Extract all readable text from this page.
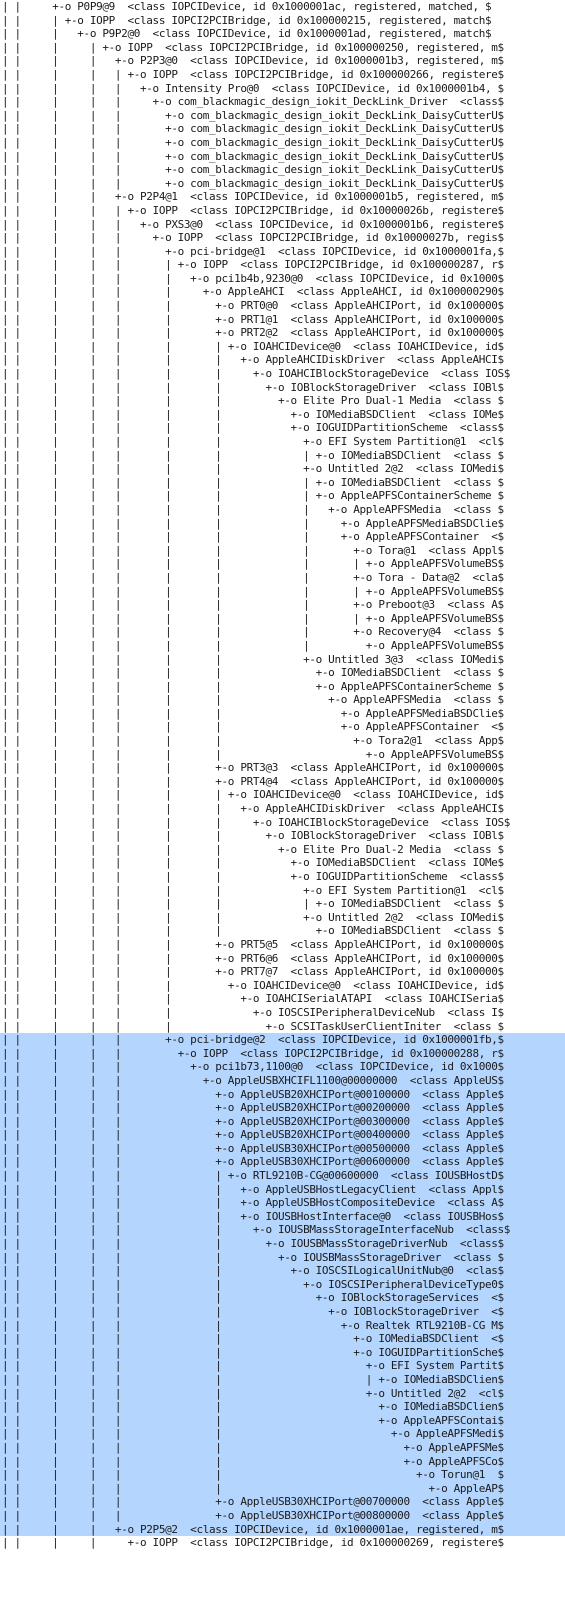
| |     +-o P0P9@9  <class IOPCIDevice, id 0x1000001ac, registered, matched, $
| |     | +-o IOPP  <class IOPCI2PCIBridge, id 0x100000215, registered, match$
| |     |   +-o P9P2@0  <class IOPCIDevice, id 0x1000001ad, registered, match$
| |     |     | +-o IOPP  <class IOPCI2PCIBridge, id 0x100000250, registered, m$
| |     |     |   +-o P2P3@0  <class IOPCIDevice, id 0x1000001b3, registered, m$
| |     |     |   | +-o IOPP  <class IOPCI2PCIBridge, id 0x100000266, registere$
| |     |     |   |   +-o Intensity Pro@0  <class IOPCIDevice, id 0x1000001b4, $
| |     |     |   |     +-o com_blackmagic_design_iokit_DeckLink_Driver  <class$
| |     |     |   |       +-o com_blackmagic_design_iokit_DeckLink_DaisyCutterU$
| |     |     |   |       +-o com_blackmagic_design_iokit_DeckLink_DaisyCutterU$
| |     |     |   |       +-o com_blackmagic_design_iokit_DeckLink_DaisyCutterU$
| |     |     |   |       +-o com_blackmagic_design_iokit_DeckLink_DaisyCutterU$
| |     |     |   |       +-o com_blackmagic_design_iokit_DeckLink_DaisyCutterU$
| |     |     |   |       +-o com_blackmagic_design_iokit_DeckLink_DaisyCutterU$
| |     |     |   +-o P2P4@1  <class IOPCIDevice, id 0x1000001b5, registered, m$
| |     |     |   | +-o IOPP  <class IOPCI2PCIBridge, id 0x10000026b, registere$
| |     |     |   |   +-o PXS3@0  <class IOPCIDevice, id 0x1000001b6, registere$
| |     |     |   |     +-o IOPP  <class IOPCI2PCIBridge, id 0x10000027b, regis$
| |     |     |   |       +-o pci-bridge@1  <class IOPCIDevice, id 0x1000001fa,$
| |     |     |   |       | +-o IOPP  <class IOPCI2PCIBridge, id 0x100000287, r$
| |     |     |   |       |   +-o pci1b4b,9230@0  <class IOPCIDevice, id 0x1000$
| |     |     |   |       |     +-o AppleAHCI  <class AppleAHCI, id 0x100000290$
| |     |     |   |       |       +-o PRT0@0  <class AppleAHCIPort, id 0x100000$
| |     |     |   |       |       +-o PRT1@1  <class AppleAHCIPort, id 0x100000$
| |     |     |   |       |       +-o PRT2@2  <class AppleAHCIPort, id 0x100000$
| |     |     |   |       |       | +-o IOAHCIDevice@0  <class IOAHCIDevice, id$
| |     |     |   |       |       |   +-o AppleAHCIDiskDriver  <class AppleAHCI$
| |     |     |   |       |       |     +-o IOAHCIBlockStorageDevice  <class IOS$
| |     |     |   |       |       |       +-o IOBlockStorageDriver  <class IOBl$
| |     |     |   |       |       |         +-o Elite Pro Dual-1 Media  <class $
| |     |     |   |       |       |           +-o IOMediaBSDClient  <class IOMe$
| |     |     |   |       |       |           +-o IOGUIDPartitionScheme  <class$
| |     |     |   |       |       |             +-o EFI System Partition@1  <cl$
| |     |     |   |       |       |             | +-o IOMediaBSDClient  <class $
| |     |     |   |       |       |             +-o Untitled 2@2  <class IOMedi$
| |     |     |   |       |       |             | +-o IOMediaBSDClient  <class $
| |     |     |   |       |       |             | +-o AppleAPFSContainerScheme $
| |     |     |   |       |       |             |   +-o AppleAPFSMedia  <class $
| |     |     |   |       |       |             |     +-o AppleAPFSMediaBSDClie$
| |     |     |   |       |       |             |     +-o AppleAPFSContainer  <$
| |     |     |   |       |       |             |       +-o Tora@1  <class Appl$
| |     |     |   |       |       |             |       | +-o AppleAPFSVolumeBS$
| |     |     |   |       |       |             |       +-o Tora - Data@2  <cla$
| |     |     |   |       |       |             |       | +-o AppleAPFSVolumeBS$
| |     |     |   |       |       |             |       +-o Preboot@3  <class A$
| |     |     |   |       |       |             |       | +-o AppleAPFSVolumeBS$
| |     |     |   |       |       |             |       +-o Recovery@4  <class $
| |     |     |   |       |       |             |         +-o AppleAPFSVolumeBS$
| |     |     |   |       |       |             +-o Untitled 3@3  <class IOMedi$
| |     |     |   |       |       |               +-o IOMediaBSDClient  <class $
| |     |     |   |       |       |               +-o AppleAPFSContainerScheme $
| |     |     |   |       |       |                 +-o AppleAPFSMedia  <class $
| |     |     |   |       |       |                   +-o AppleAPFSMediaBSDClie$
| |     |     |   |       |       |                   +-o AppleAPFSContainer  <$
| |     |     |   |       |       |                     +-o Tora2@1  <class App$
| |     |     |   |       |       |                       +-o AppleAPFSVolumeBS$
| |     |     |   |       |       +-o PRT3@3  <class AppleAHCIPort, id 0x100000$
| |     |     |   |       |       +-o PRT4@4  <class AppleAHCIPort, id 0x100000$
| |     |     |   |       |       | +-o IOAHCIDevice@0  <class IOAHCIDevice, id$
| |     |     |   |       |       |   +-o AppleAHCIDiskDriver  <class AppleAHCI$
| |     |     |   |       |       |     +-o IOAHCIBlockStorageDevice  <class IOS$
| |     |     |   |       |       |       +-o IOBlockStorageDriver  <class IOBl$
| |     |     |   |       |       |         +-o Elite Pro Dual-2 Media  <class $
| |     |     |   |       |       |           +-o IOMediaBSDClient  <class IOMe$
| |     |     |   |       |       |           +-o IOGUIDPartitionScheme  <class$
| |     |     |   |       |       |             +-o EFI System Partition@1  <cl$
| |     |     |   |       |       |             | +-o IOMediaBSDClient  <class $
| |     |     |   |       |       |             +-o Untitled 2@2  <class IOMedi$
| |     |     |   |       |       |               +-o IOMediaBSDClient  <class $
| |     |     |   |       |       +-o PRT5@5  <class AppleAHCIPort, id 0x100000$
| |     |     |   |       |       +-o PRT6@6  <class AppleAHCIPort, id 0x100000$
| |     |     |   |       |       +-o PRT7@7  <class AppleAHCIPort, id 0x100000$
| |     |     |   |       |         +-o IOAHCIDevice@0  <class IOAHCIDevice, id$
| |     |     |   |       |           +-o IOAHCISerialATAPI  <class IOAHCISeria$
| |     |     |   |       |             +-o IOSCSIPeripheralDeviceNub  <class I$
| |     |     |   |       |               +-o SCSITaskUserClientIniter  <class $
| |     |     |   |       +-o pci-bridge@2  <class IOPCIDevice, id 0x1000001fb,$
| |     |     |   |         +-o IOPP  <class IOPCI2PCIBridge, id 0x100000288, r$
| |     |     |   |           +-o pci1b73,1100@0  <class IOPCIDevice, id 0x1000$
| |     |     |   |             +-o AppleUSBXHCIFL1100@00000000  <class AppleUS$
| |     |     |   |               +-o AppleUSB20XHCIPort@00100000  <class Apple$
| |     |     |   |               +-o AppleUSB20XHCIPort@00200000  <class Apple$
| |     |     |   |               +-o AppleUSB20XHCIPort@00300000  <class Apple$
| |     |     |   |               +-o AppleUSB20XHCIPort@00400000  <class Apple$
| |     |     |   |               +-o AppleUSB30XHCIPort@00500000  <class Apple$
| |     |     |   |               +-o AppleUSB30XHCIPort@00600000  <class Apple$
| |     |     |   |               | +-o RTL9210B-CG@00600000  <class IOUSBHostD$
| |     |     |   |               |   +-o AppleUSBHostLegacyClient  <class Appl$
| |     |     |   |               |   +-o AppleUSBHostCompositeDevice  <class A$
| |     |     |   |               |   +-o IOUSBHostInterface@0  <class IOUSBHos$
| |     |     |   |               |     +-o IOUSBMassStorageInterfaceNub  <class$
| |     |     |   |               |       +-o IOUSBMassStorageDriverNub  <class$
| |     |     |   |               |         +-o IOUSBMassStorageDriver  <class $
| |     |     |   |               |           +-o IOSCSILogicalUnitNub@0  <clas$
| |     |     |   |               |             +-o IOSCSIPeripheralDeviceType0$
| |     |     |   |               |               +-o IOBlockStorageServices  <$
| |     |     |   |               |                 +-o IOBlockStorageDriver  <$
| |     |     |   |               |                   +-o Realtek RTL9210B-CG M$
| |     |     |   |               |                     +-o IOMediaBSDClient  <$
| |     |     |   |               |                     +-o IOGUIDPartitionSche$
| |     |     |   |               |                       +-o EFI System Partit$
| |     |     |   |               |                       | +-o IOMediaBSDClien$
| |     |     |   |               |                       +-o Untitled 2@2  <cl$
| |     |     |   |               |                         +-o IOMediaBSDClien$
| |     |     |   |               |                         +-o AppleAPFSContai$
| |     |     |   |               |                           +-o AppleAPFSMedi$
| |     |     |   |               |                             +-o AppleAPFSMe$
| |     |     |   |               |                             +-o AppleAPFSCo$
| |     |     |   |               |                               +-o Torun@1  $
| |     |     |   |               |                                 +-o AppleAP$
| |     |     |   |               +-o AppleUSB30XHCIPort@00700000  <class Apple$
| |     |     |   |               +-o AppleUSB30XHCIPort@00800000  <class Apple$
| |     |     |   +-o P2P5@2  <class IOPCIDevice, id 0x1000001ae, registered, m$
| |     |     |     +-o IOPP  <class IOPCI2PCIBridge, id 0x100000269, registere$
